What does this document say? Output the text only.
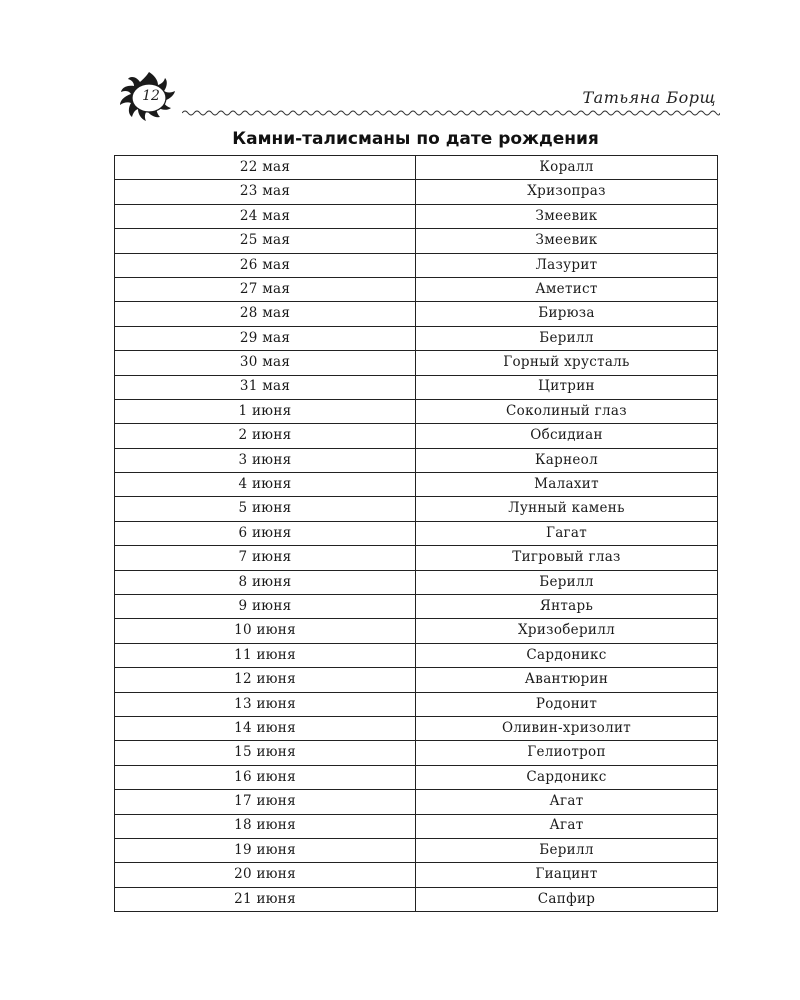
12	Татьяна Борщ
Камни-талисманы по дате рождения
22 мая	Коралл
23 мая	Хризопраз
24 мая	Змеевик
25 мая	Змеевик
26 мая	Лазурит
27 мая	Аметист
28 мая	Бирюза
29 мая	Берилл
30 мая	Горный хрусталь
31 мая	Цитрин
1 июня	Соколиный глаз
2 июня	Обсидиан
3 июня	Карнеол
4 июня	Малахит
5 июня	Лунный камень
6 июня	Гагат
7 июня	Тигровый глаз
8 июня	Берилл
9 июня	Янтарь
10 июня	Хризоберилл
11 июня	Сардоникс
12 июня	Авантюрин
13 июня	Родонит
14 июня	Оливин-хризолит
15 июня	Гелиотроп
16 июня	Сардоникс
17 июня	Агат
18 июня	Агат
19 июня	Берилл
20 июня	Гиацинт
21 июня	Сапфир
